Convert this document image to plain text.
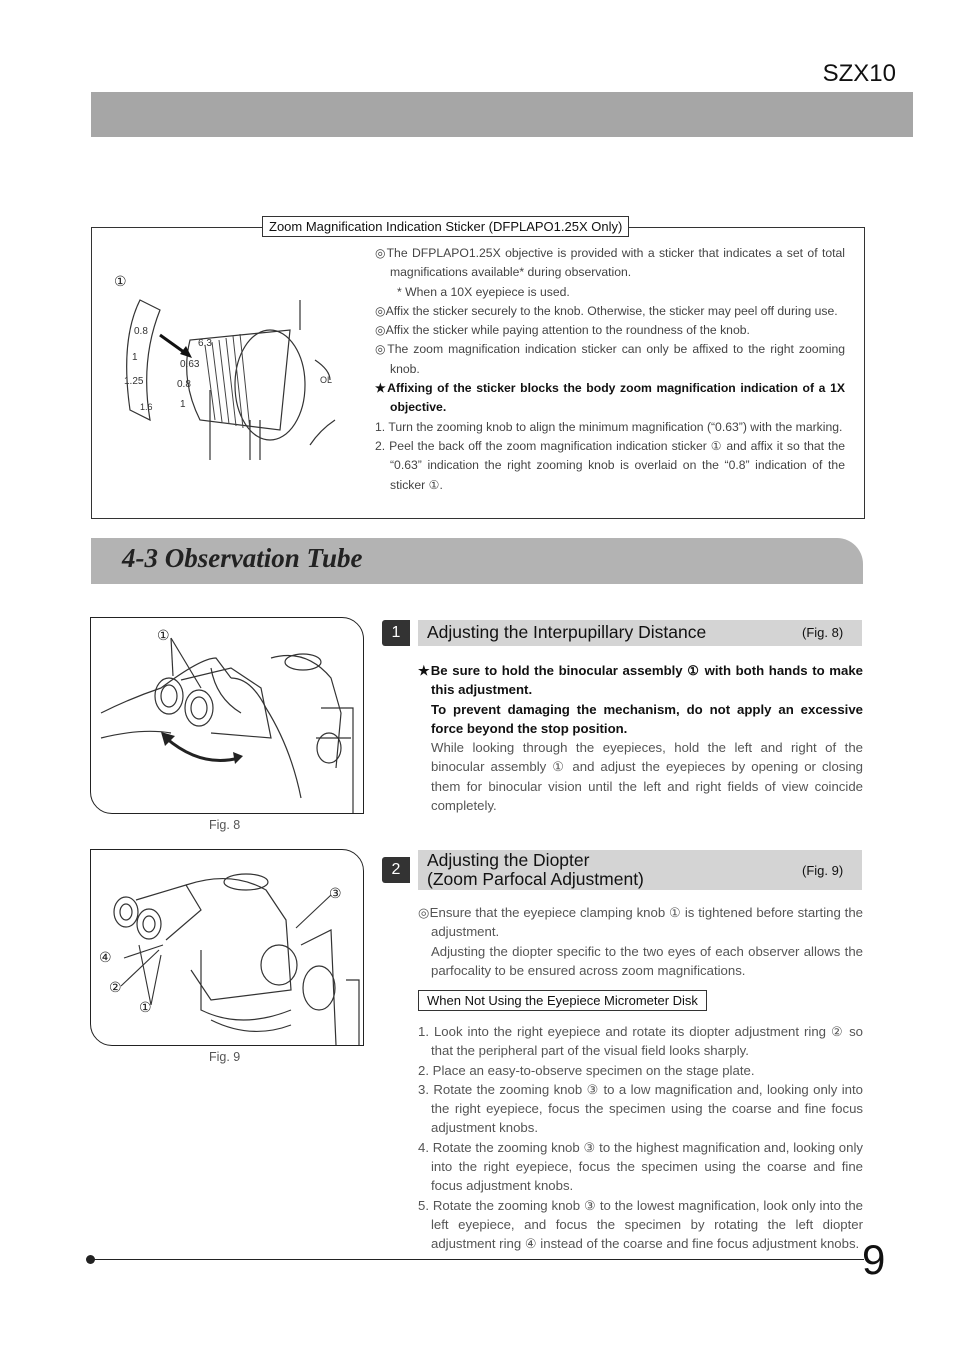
SZX10
Zoom Magnification Indication Sticker (DFPLAPO1.25X Only)
①
0.8
1
1.25
1.6
6.3
0.63
0.8
1
OL

◎The DFPLAPO1.25X objective is provided with a sticker that indicates a set of total magnifications available* during observation.

* When a 10X eyepiece is used.

◎Affix the sticker securely to the knob. Otherwise, the sticker may peel off during use.

◎Affix the sticker while paying attention to the roundness of the knob.

◎The zoom magnification indication sticker can only be affixed to the right zooming knob.

★Affixing of the sticker blocks the body zoom magnification indication of a 1X objective.

1. Turn the zooming knob to align the minimum magnification (“0.63”) with the marking.

2. Peel the back off the zoom magnification indication sticker ① and affix it so that the “0.63” indication the right zooming knob is overlaid on the “0.8” indication of the sticker ①.

4-3 Observation Tube
①
Fig. 8
③
④
②
①
Fig. 9
1	Adjusting the Interpupillary Distance	(Fig. 8)

★Be sure to hold the binocular assembly ① with both hands to make this adjustment.

To prevent damaging the mechanism, do not apply an excessive force beyond the stop position.
While looking through the eyepieces, hold the left and right of the binocular assembly ① and adjust the eyepieces by opening or closing them for binocular vision until the left and right fields of view coincide completely.
2	Adjusting the Diopter
(Zoom Parfocal Adjustment)	(Fig. 9)

◎Ensure that the eyepiece clamping knob ① is tightened before starting the adjustment.

Adjusting the diopter specific to the two eyes of each observer allows the parfocality to be ensured across zoom magnifications.
When Not Using the Eyepiece Micrometer Disk

1. Look into the right eyepiece and rotate its diopter adjustment ring ② so that the peripheral part of the visual field looks sharply.

2. Place an easy-to-observe specimen on the stage plate.

3. Rotate the zooming knob ③ to a low magnification and, looking only into the right eyepiece, focus the specimen using the coarse and fine focus adjustment knobs.

4. Rotate the zooming knob ③ to the highest magnification and, looking only into the right eyepiece, focus the specimen using the coarse and fine focus adjustment knobs.

5. Rotate the zooming knob ③ to the lowest magnification, look only into the left eyepiece, and focus the specimen by rotating the left diopter adjustment ring ④ instead of the coarse and fine focus adjustment knobs. 9
